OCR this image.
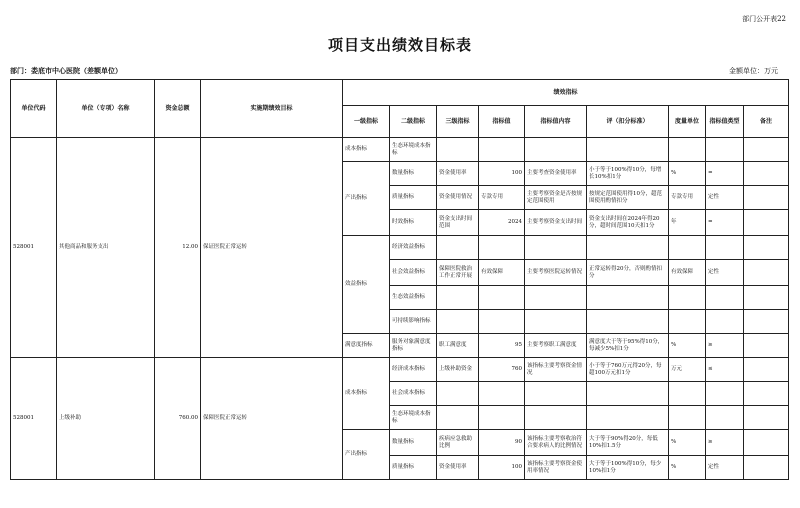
部门公开表22
项目支出绩效目标表
部门：娄底市中心医院（差额单位）	金额单位：万元
单位代码	单位（专项）名称	资金总额	实施期绩效目标	绩效指标								
				一级指标	二级指标	三级指标	指标值	指标值内容	评（扣分标准）	度量单位	指标值类型	备注
528001	其他商品和服务支出	12.00	保证医院正常运转	成本指标	生态环境成本指标							
				产出指标	数量指标	资金使用率	100	主要考查资金使用率	小于等于100%得10分，每增长10%扣1分	%	=	
					质量指标	资金使用情况	专款专用	主要考察资金是否按规定范围使用	按规定范围使用得10分，超范围使用酌情扣分	专款专用	定性	
					时效指标	资金支出时间范围	2024	主要考察资金支出时间	资金支出时间在2024年得20分，超时间范围10天扣1分	年	=	
				效益指标	经济效益指标							
					社会效益指标	保障医院救治工作正常开展	有效保障	主要考察医院运转情况	正常运转得20分，否则酌情扣分	有效保障	定性	
					生态效益指标							
					可持续影响指标							
				满意度指标	服务对象满意度指标	职工满意度	95	主要考察职工满意度	满意度大于等于95%得10分，每减少5%扣1分	%	≥	
528001	上级补助	760.00	保障医院正常运转	成本指标	经济成本指标	上级补助资金	760	该指标主要考察资金情况	小于等于760万元得20分，每超100万元扣1分	万元	≤	
					社会成本指标							
					生态环境成本指标							
				产出指标	数量指标	疾病应急救助比例	90	该指标主要考察收治符合要求病人的比例情况	大于等于90%得20分，每低10%扣1.5分	%	≥	
					质量指标	资金使用率	100	该指标主要考察资金使用率情况	大于等于100%得10分，每少10%扣1分	%	定性	
